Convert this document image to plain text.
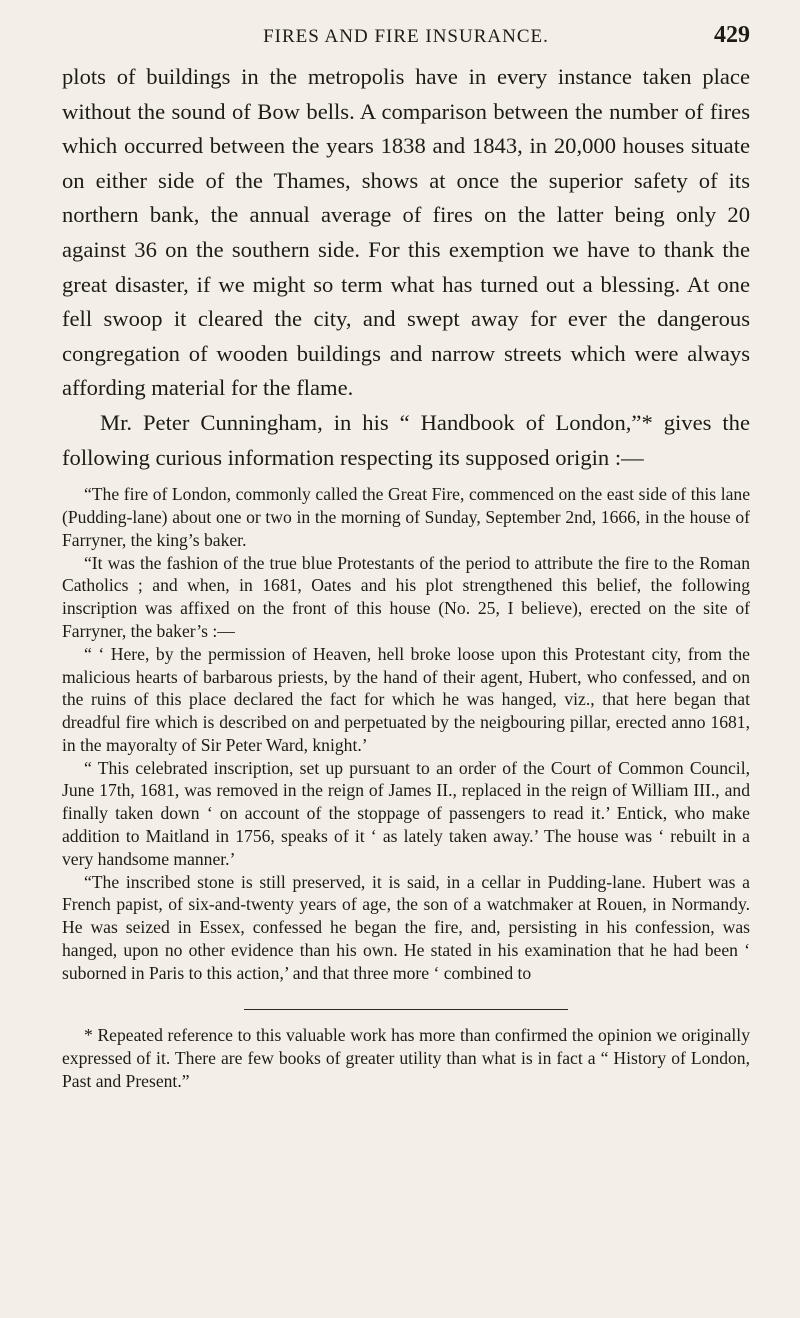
FIRES AND FIRE INSURANCE.	429

plots of buildings in the metropolis have in every instance taken place without the sound of Bow bells. A comparison between the number of fires which occurred between the years 1838 and 1843, in 20,000 houses situate on either side of the Thames, shows at once the superior safety of its northern bank, the annual average of fires on the latter being only 20 against 36 on the southern side. For this exemption we have to thank the great disaster, if we might so term what has turned out a blessing. At one fell swoop it cleared the city, and swept away for ever the dangerous congregation of wooden buildings and narrow streets which were always affording material for the flame.

Mr. Peter Cunningham, in his “ Handbook of London,”* gives the following curious information respecting its supposed origin :—

“The fire of London, commonly called the Great Fire, commenced on the east side of this lane (Pudding-lane) about one or two in the morning of Sunday, September 2nd, 1666, in the house of Farryner, the king’s baker.

“It was the fashion of the true blue Protestants of the period to attribute the fire to the Roman Catholics ; and when, in 1681, Oates and his plot strengthened this belief, the following inscription was affixed on the front of this house (No. 25, I believe), erected on the site of Farryner, the baker’s :—

“ ‘ Here, by the permission of Heaven, hell broke loose upon this Protestant city, from the malicious hearts of barbarous priests, by the hand of their agent, Hubert, who confessed, and on the ruins of this place declared the fact for which he was hanged, viz., that here began that dreadful fire which is described on and perpetuated by the neigbouring pillar, erected anno 1681, in the mayoralty of Sir Peter Ward, knight.’

“ This celebrated inscription, set up pursuant to an order of the Court of Common Council, June 17th, 1681, was removed in the reign of James II., replaced in the reign of William III., and finally taken down ‘ on account of the stoppage of passengers to read it.’ Entick, who make addition to Maitland in 1756, speaks of it ‘ as lately taken away.’ The house was ‘ rebuilt in a very handsome manner.’

“The inscribed stone is still preserved, it is said, in a cellar in Pudding-lane. Hubert was a French papist, of six-and-twenty years of age, the son of a watchmaker at Rouen, in Normandy. He was seized in Essex, confessed he began the fire, and, persisting in his confession, was hanged, upon no other evidence than his own. He stated in his examination that he had been ‘ suborned in Paris to this action,’ and that three more ‘ combined to

* Repeated reference to this valuable work has more than confirmed the opinion we originally expressed of it. There are few books of greater utility than what is in fact a “ History of London, Past and Present.”
